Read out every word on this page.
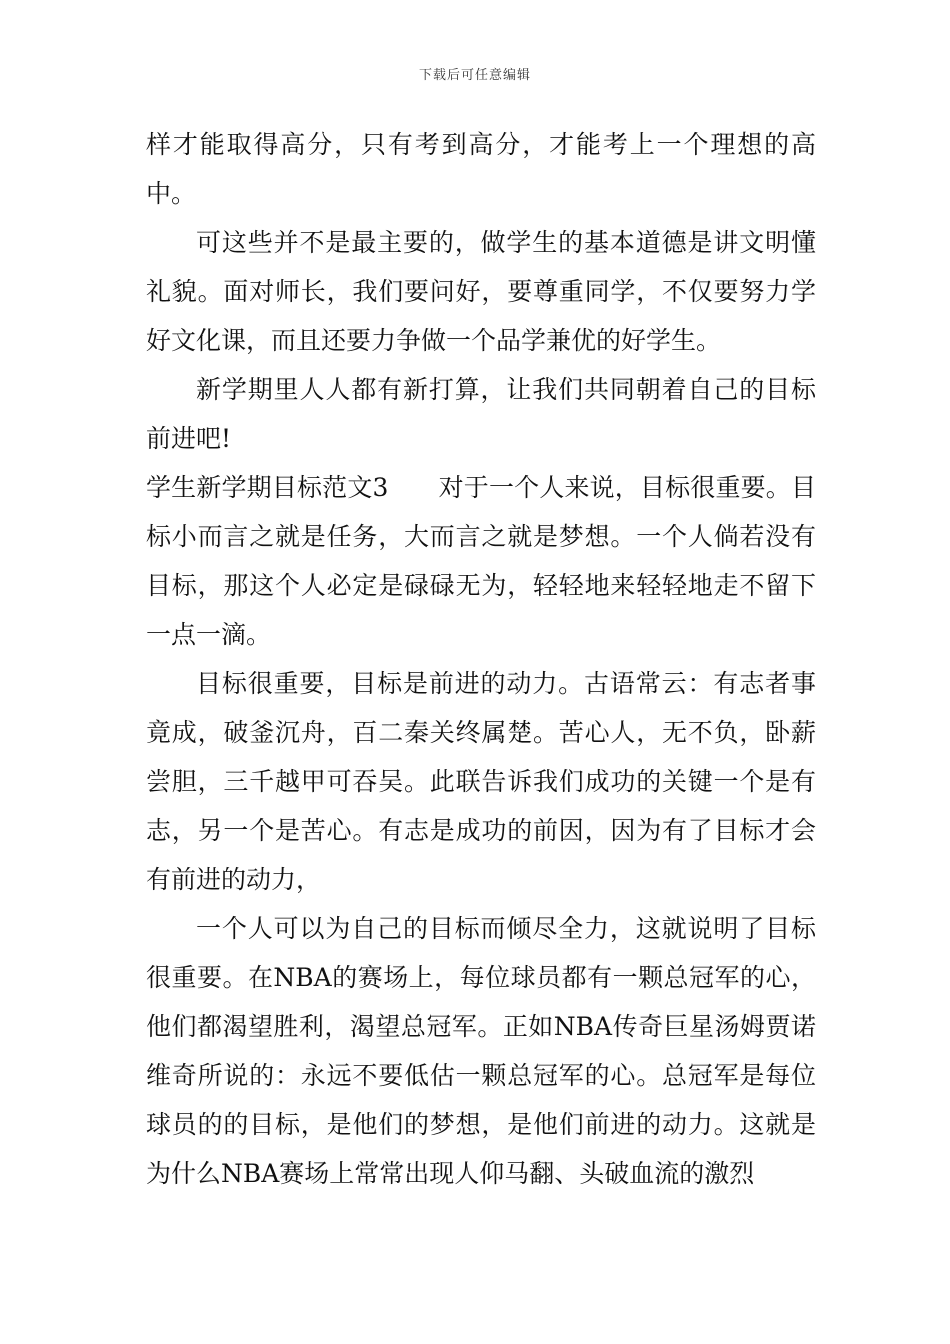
下载后可任意编辑

样才能取得高分，只有考到高分，才能考上一个理想的高中。

可这些并不是最主要的，做学生的基本道德是讲文明懂礼貌。面对师长，我们要问好，要尊重同学，不仅要努力学好文化课，而且还要力争做一个品学兼优的好学生。

新学期里人人都有新打算，让我们共同朝着自己的目标前进吧!

学生新学期目标范文3 对于一个人来说，目标很重要。目标小而言之就是任务，大而言之就是梦想。一个人倘若没有目标，那这个人必定是碌碌无为，轻轻地来轻轻地走不留下一点一滴。

目标很重要，目标是前进的动力。古语常云：有志者事竟成，破釜沉舟，百二秦关终属楚。苦心人，无不负，卧薪尝胆，三千越甲可吞吴。此联告诉我们成功的关键一个是有志，另一个是苦心。有志是成功的前因，因为有了目标才会有前进的动力，

一个人可以为自己的目标而倾尽全力，这就说明了目标很重要。在NBA的赛场上，每位球员都有一颗总冠军的心，他们都渴望胜利，渴望总冠军。正如NBA传奇巨星汤姆贾诺维奇所说的：永远不要低估一颗总冠军的心。总冠军是每位球员的的目标，是他们的梦想，是他们前进的动力。这就是为什么NBA赛场上常常出现人仰马翻、头破血流的激烈
